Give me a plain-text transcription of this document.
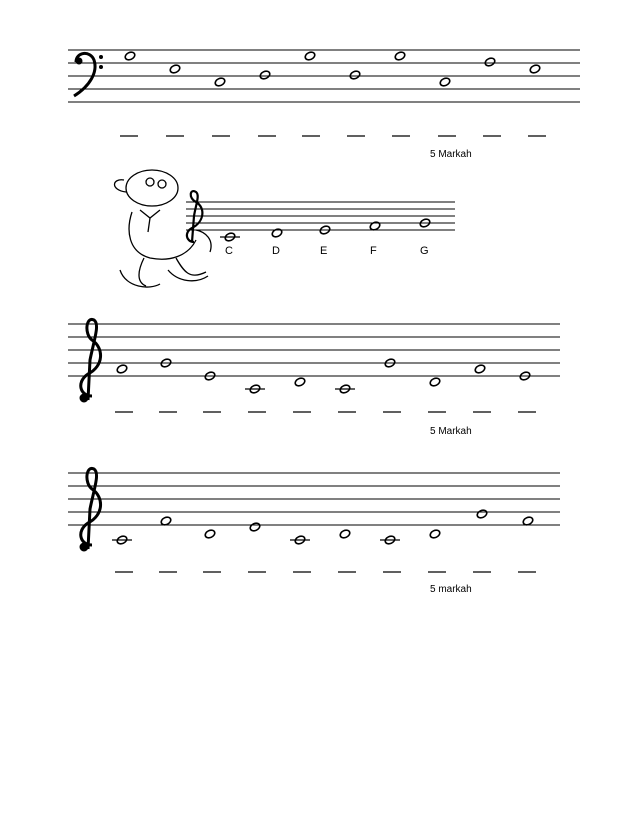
5 Markah
C	D	E	F	G
5 Markah
5 markah
